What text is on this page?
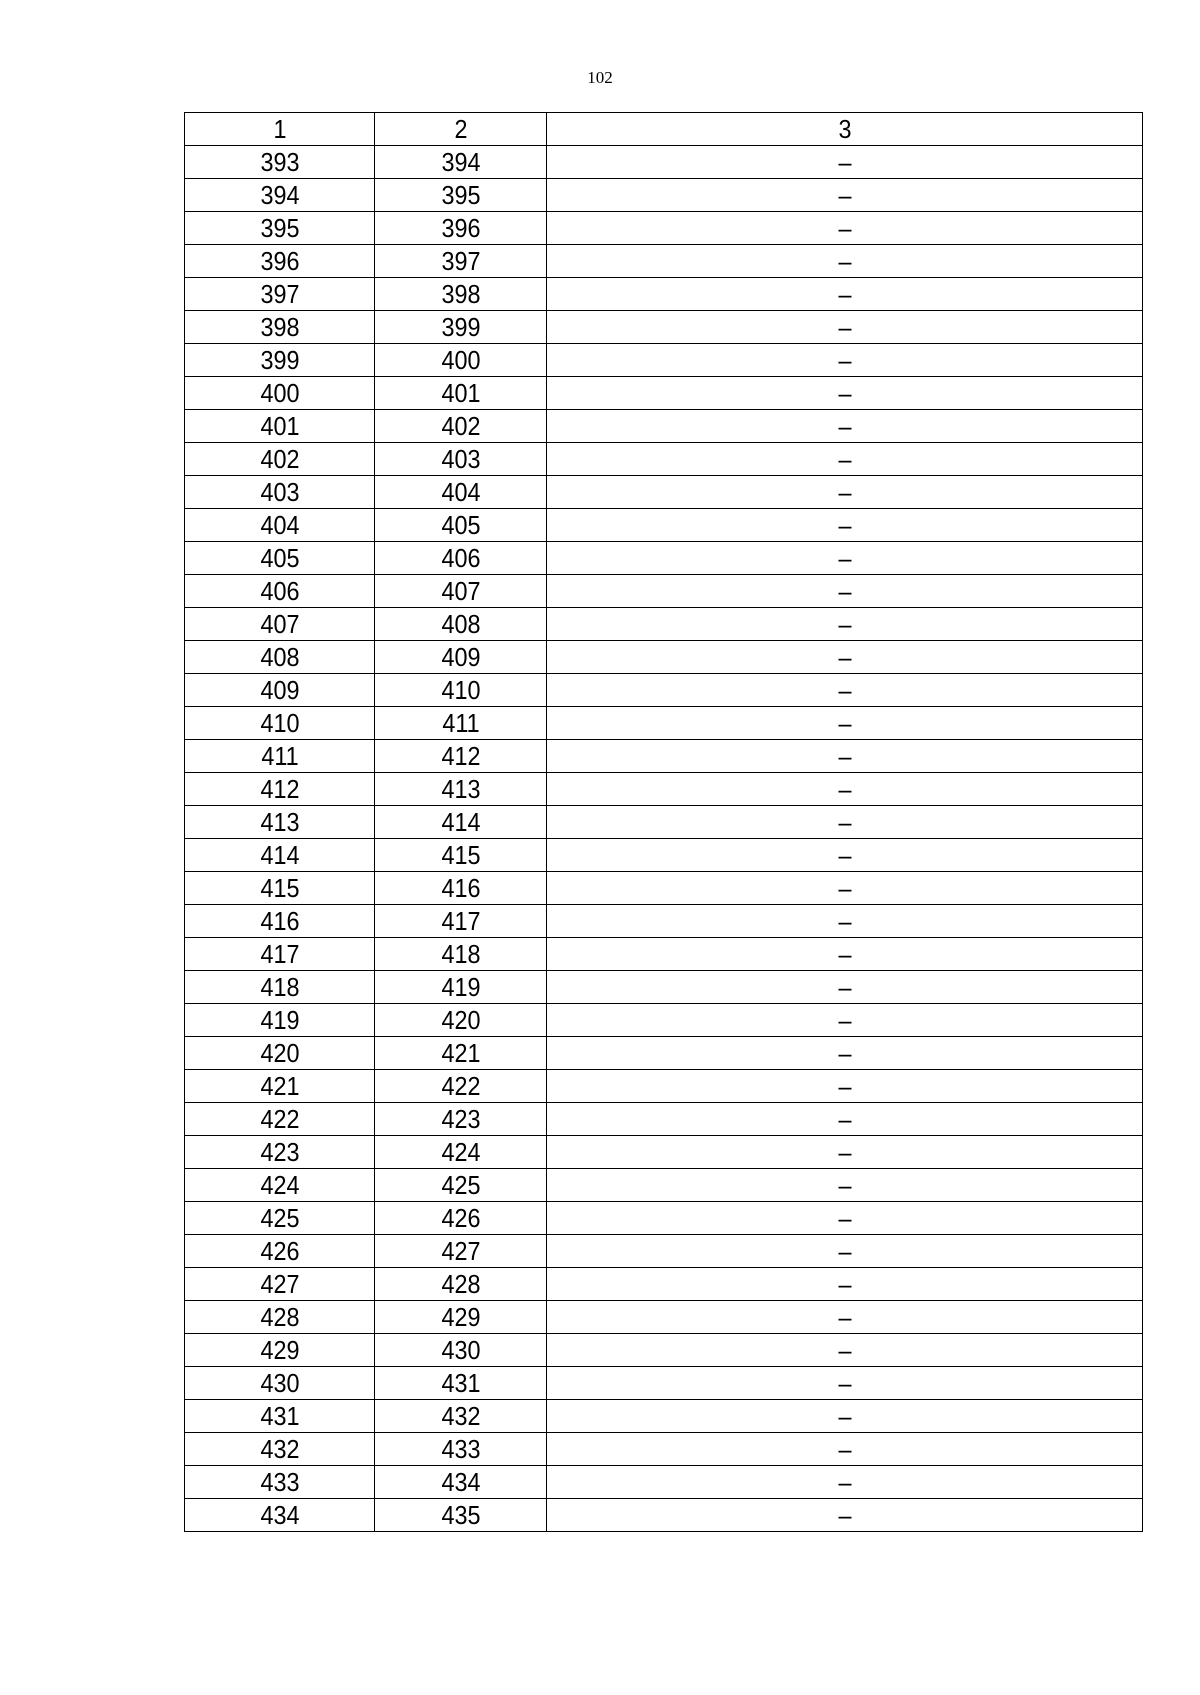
102
1	2	3
393	394	–
394	395	–
395	396	–
396	397	–
397	398	–
398	399	–
399	400	–
400	401	–
401	402	–
402	403	–
403	404	–
404	405	–
405	406	–
406	407	–
407	408	–
408	409	–
409	410	–
410	411	–
411	412	–
412	413	–
413	414	–
414	415	–
415	416	–
416	417	–
417	418	–
418	419	–
419	420	–
420	421	–
421	422	–
422	423	–
423	424	–
424	425	–
425	426	–
426	427	–
427	428	–
428	429	–
429	430	–
430	431	–
431	432	–
432	433	–
433	434	–
434	435	–
